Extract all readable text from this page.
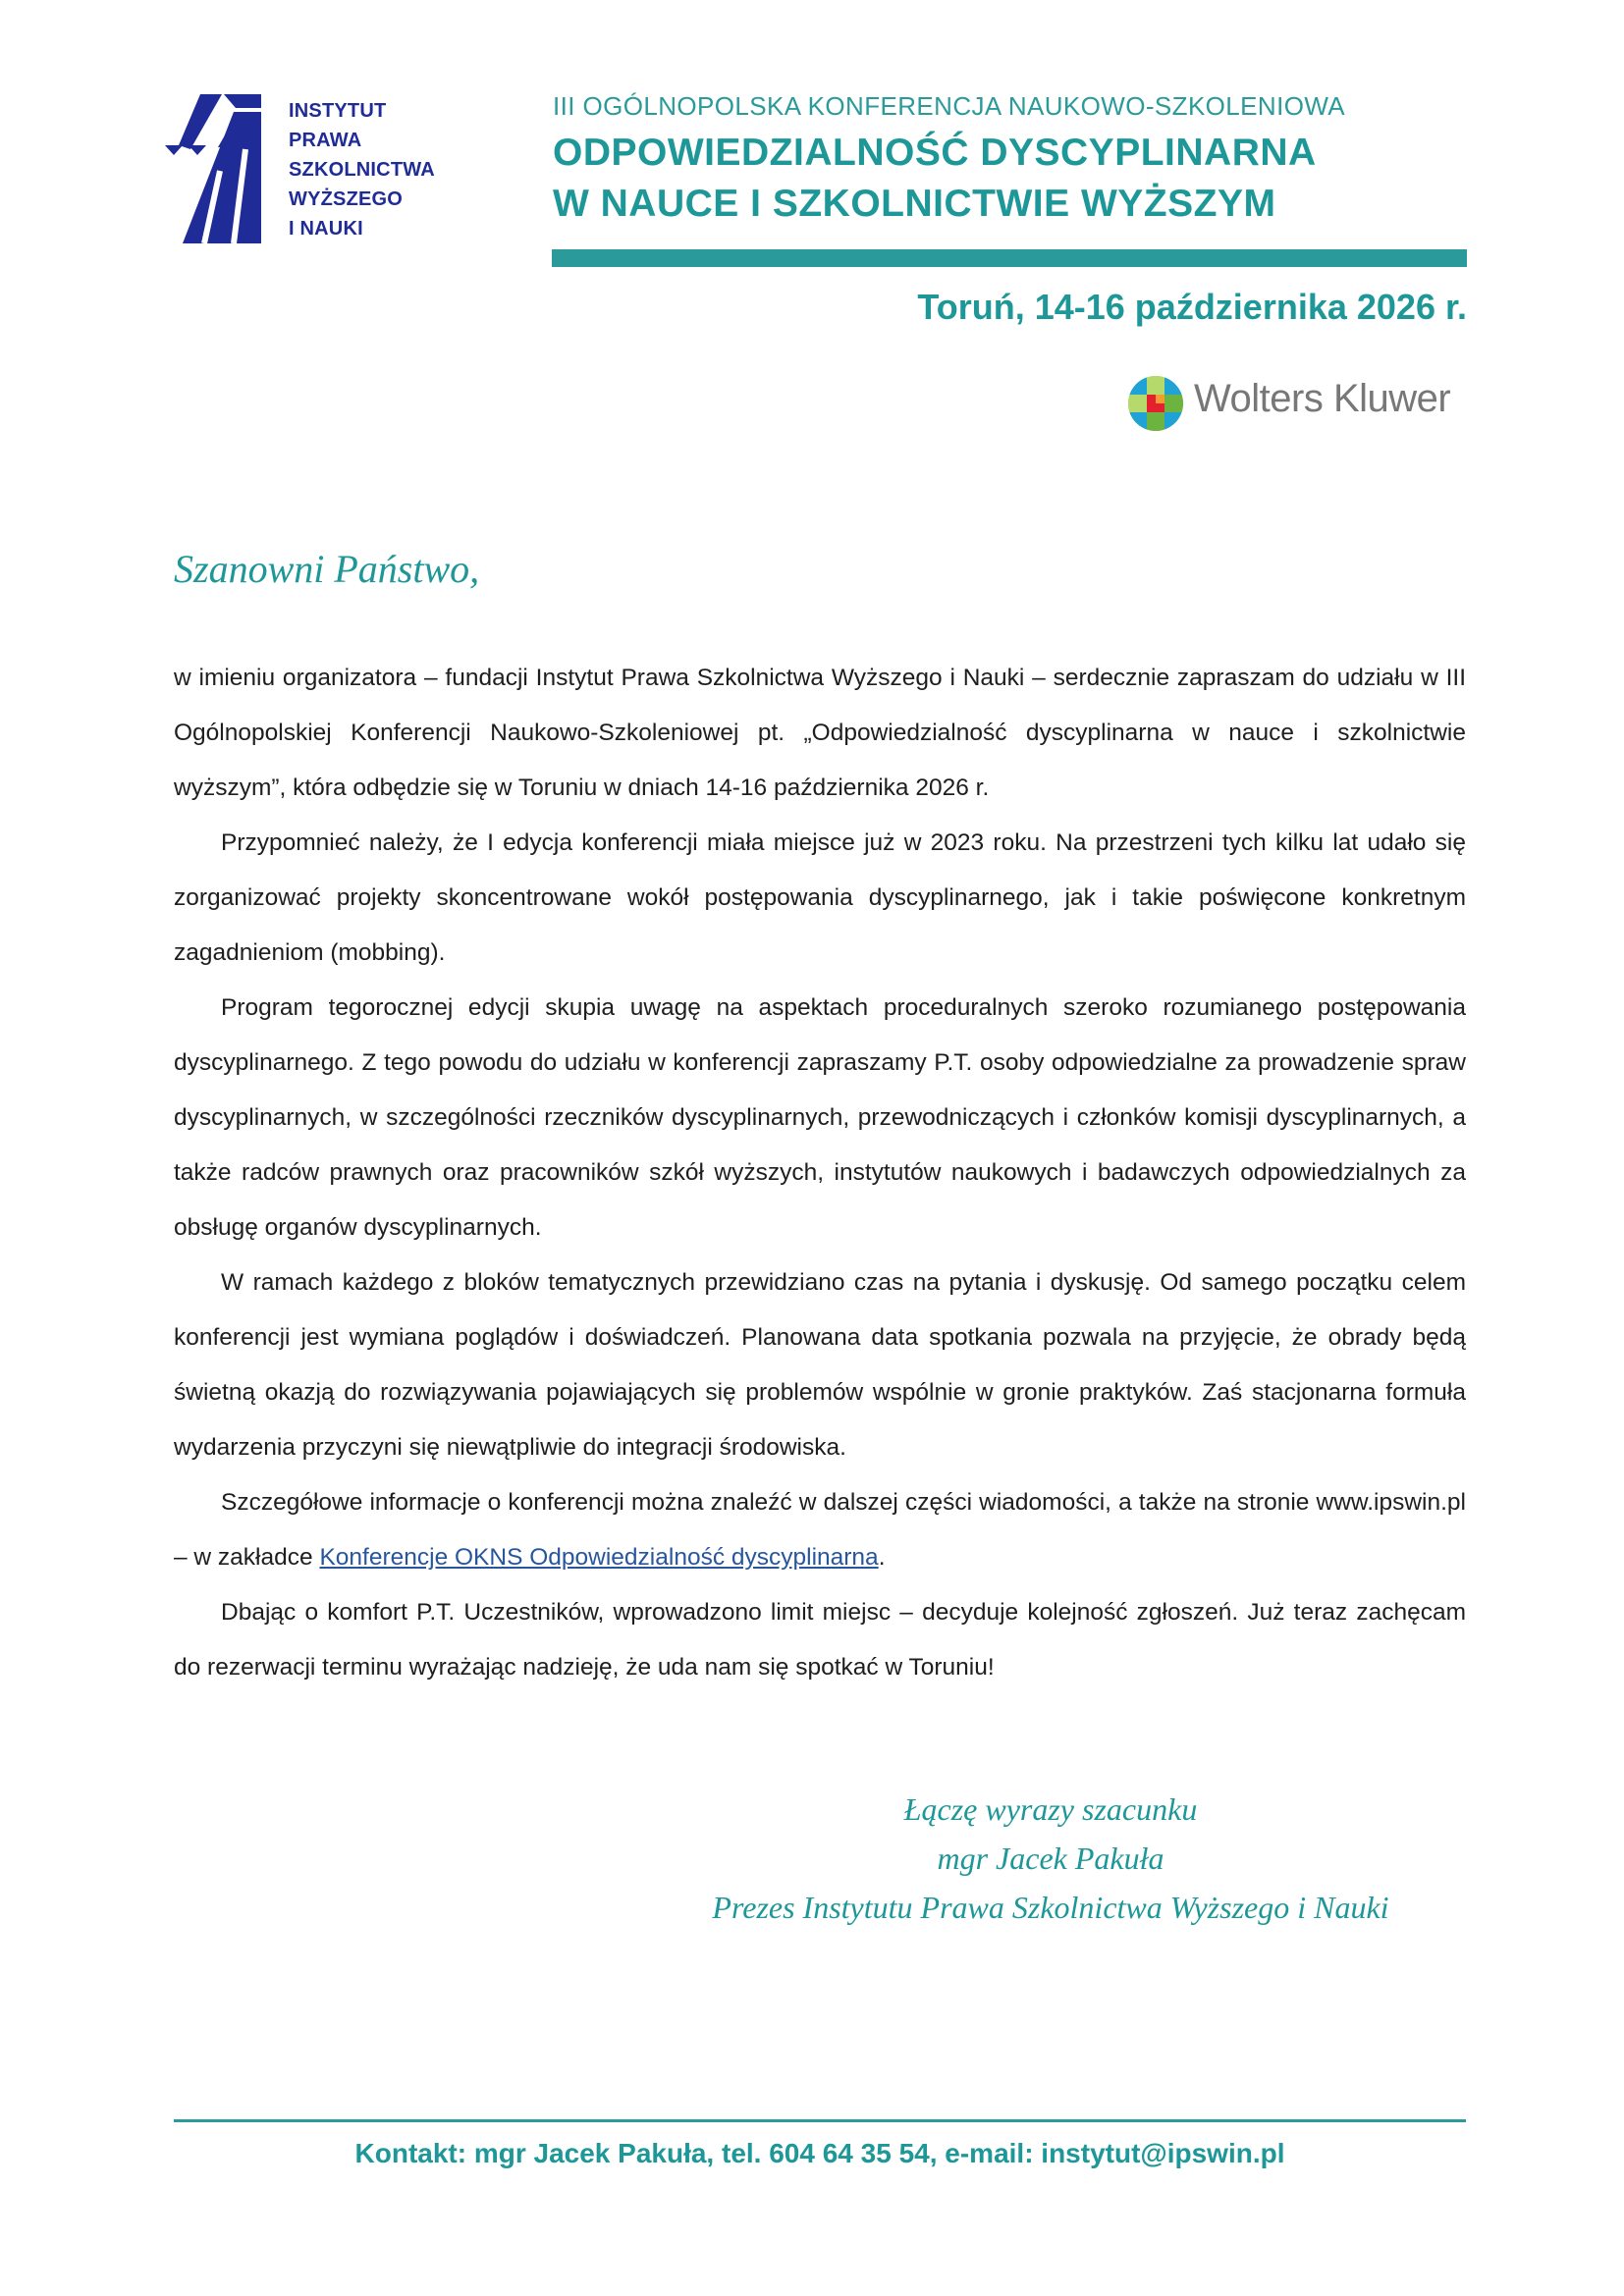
INSTYTUT
PRAWA
SZKOLNICTWA
WYŻSZEGO
I NAUKI
III OGÓLNOPOLSKA KONFERENCJA NAUKOWO-SZKOLENIOWA
ODPOWIEDZIALNOŚĆ DYSCYPLINARNA
W NAUCE I SZKOLNICTWIE WYŻSZYM
Toruń, 14-16 października 2026 r.
Wolters Kluwer
Szanowni Państwo,

w imieniu organizatora – fundacji Instytut Prawa Szkolnictwa Wyższego i Nauki – serdecznie zapraszam do udziału w III Ogólnopolskiej Konferencji Naukowo-Szkoleniowej pt. „Odpowiedzialność dyscyplinarna w nauce i szkolnictwie wyższym”, która odbędzie się w Toruniu w dniach 14-16 października 2026 r.

Przypomnieć należy, że I edycja konferencji miała miejsce już w 2023 roku. Na przestrzeni tych kilku lat udało się zorganizować projekty skoncentrowane wokół postępowania dyscyplinarnego, jak i takie poświęcone konkretnym zagadnieniom (mobbing).

Program tegorocznej edycji skupia uwagę na aspektach proceduralnych szeroko rozumianego postępowania dyscyplinarnego. Z tego powodu do udziału w konferencji zapraszamy P.T. osoby odpowiedzialne za prowadzenie spraw dyscyplinarnych, w szczególności rzeczników dyscyplinarnych, przewodniczących i członków komisji dyscyplinarnych, a także radców prawnych oraz pracowników szkół wyższych, instytutów naukowych i badawczych odpowiedzialnych za obsługę organów dyscyplinarnych.

W ramach każdego z bloków tematycznych przewidziano czas na pytania i dyskusję. Od samego początku celem konferencji jest wymiana poglądów i doświadczeń. Planowana data spotkania pozwala na przyjęcie, że obrady będą świetną okazją do rozwiązywania pojawiających się problemów wspólnie w gronie praktyków. Zaś stacjonarna formuła wydarzenia przyczyni się niewątpliwie do integracji środowiska.

Szczegółowe informacje o konferencji można znaleźć w dalszej części wiadomości, a także na stronie www.ipswin.pl – w zakładce Konferencje OKNS Odpowiedzialność dyscyplinarna.

Dbając o komfort P.T. Uczestników, wprowadzono limit miejsc – decyduje kolejność zgłoszeń. Już teraz zachęcam do rezerwacji terminu wyrażając nadzieję, że uda nam się spotkać w Toruniu!

Łączę wyrazy szacunku
mgr Jacek Pakuła
Prezes Instytutu Prawa Szkolnictwa Wyższego i Nauki
Kontakt: mgr Jacek Pakuła, tel. 604 64 35 54, e-mail: instytut@ipswin.pl
